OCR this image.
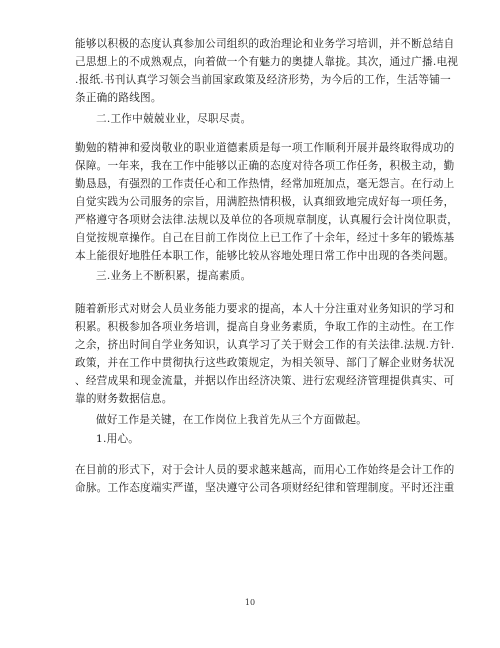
能够以积极的态度认真参加公司组织的政治理论和业务学习培训，并不断总结自
己思想上的不成熟观点，向着做一个有魅力的奥捷人靠拢。其次，通过广播.电视
.报纸.书刊认真学习领会当前国家政策及经济形势，为今后的工作，生活等铺一
条正确的路线图。
二.工作中兢兢业业，尽职尽责。
勤勉的精神和爱岗敬业的职业道德素质是每一项工作顺利开展并最终取得成功的
保障。一年来，我在工作中能够以正确的态度对待各项工作任务，积极主动，勤
勤恳恳，有强烈的工作责任心和工作热情，经常加班加点，毫无怨言。在行动上
自觉实践为公司服务的宗旨，用满腔热情积极，认真细致地完成好每一项任务，
严格遵守各项财会法律.法规以及单位的各项规章制度，认真履行会计岗位职责，
自觉按规章操作。自己在目前工作岗位上已工作了十余年，经过十多年的锻炼基
本上能很好地胜任本职工作，能够比较从容地处理日常工作中出现的各类问题。
三.业务上不断积累，提高素质。
随着新形式对财会人员业务能力要求的提高，本人十分注重对业务知识的学习和
积累。积极参加各项业务培训，提高自身业务素质，争取工作的主动性。在工作
之余，挤出时间自学业务知识，认真学习了关于财会工作的有关法律.法规.方针.
政策，并在工作中贯彻执行这些政策规定，为相关领导、部门了解企业财务状况
、经营成果和现金流量，并据以作出经济决策、进行宏观经济管理提供真实、可
靠的财务数据信息。
做好工作是关键，在工作岗位上我首先从三个方面做起。
1.用心。
在目前的形式下，对于会计人员的要求越来越高，而用心工作始终是会计工作的
命脉。工作态度端实严谨，坚决遵守公司各项财经纪律和管理制度。平时还注重
10
